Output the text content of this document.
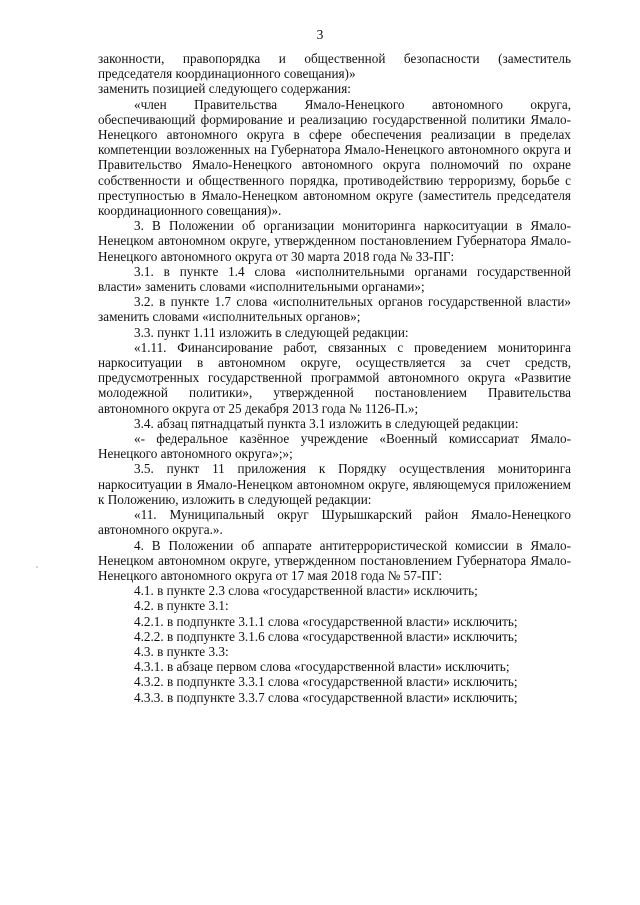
3

законности, правопорядка и общественной безопасности (заместитель председателя координационного совещания)»

заменить позицией следующего содержания:

«член Правительства Ямало-Ненецкого автономного округа, обеспечивающий формирование и реализацию государственной политики Ямало-Ненецкого автономного округа в сфере обеспечения реализации в пределах компетенции возложенных на Губернатора Ямало-Ненецкого автономного округа и Правительство Ямало-Ненецкого автономного округа полномочий по охране собственности и общественного порядка, противодействию терроризму, борьбе с преступностью в Ямало-Ненецком автономном округе (заместитель председателя координационного совещания)».

3. В Положении об организации мониторинга наркоситуации в Ямало-Ненецком автономном округе, утвержденном постановлением Губернатора Ямало-Ненецкого автономного округа от 30 марта 2018 года № 33-ПГ:

3.1. в пункте 1.4 слова «исполнительными органами государственной власти» заменить словами «исполнительными органами»;

3.2. в пункте 1.7 слова «исполнительных органов государственной власти» заменить словами «исполнительных органов»;

3.3. пункт 1.11 изложить в следующей редакции:

«1.11. Финансирование работ, связанных с проведением мониторинга наркоситуации в автономном округе, осуществляется за счет средств, предусмотренных государственной программой автономного округа «Развитие молодежной политики», утвержденной постановлением Правительства автономного округа от 25 декабря 2013 года № 1126-П.»;

3.4. абзац пятнадцатый пункта 3.1 изложить в следующей редакции:

«- федеральное казённое учреждение «Военный комиссариат Ямало-Ненецкого автономного округа»;»;

3.5. пункт 11 приложения к Порядку осуществления мониторинга наркоситуации в Ямало-Ненецком автономном округе, являющемуся приложением к Положению, изложить в следующей редакции:

«11. Муниципальный округ Шурышкарский район Ямало-Ненецкого автономного округа.».

4. В Положении об аппарате антитеррористической комиссии в Ямало-Ненецком автономном округе, утвержденном постановлением Губернатора Ямало-Ненецкого автономного округа от 17 мая 2018 года № 57-ПГ:

4.1. в пункте 2.3 слова «государственной власти» исключить;

4.2. в пункте 3.1:

4.2.1. в подпункте 3.1.1 слова «государственной власти» исключить;

4.2.2. в подпункте 3.1.6 слова «государственной власти» исключить;

4.3. в пункте 3.3:

4.3.1. в абзаце первом слова «государственной власти» исключить;

4.3.2. в подпункте 3.3.1 слова «государственной власти» исключить;

4.3.3. в подпункте 3.3.7 слова «государственной власти» исключить;
